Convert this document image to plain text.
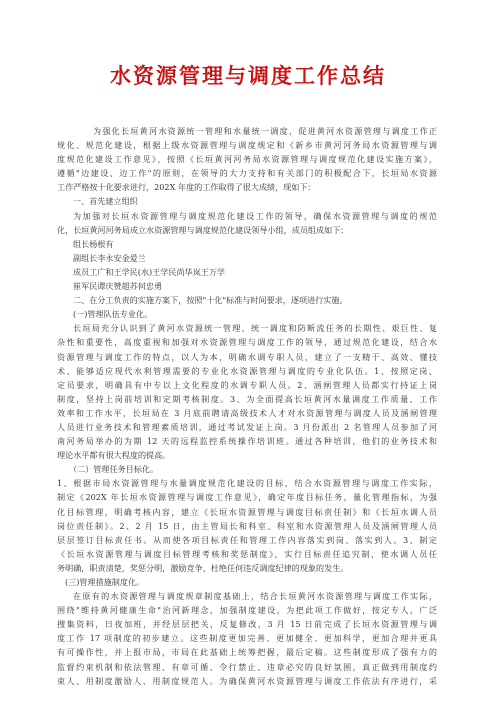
水资源管理与调度工作总结
为强化长垣黄河水资源统一管理和水量统一调度，促进黄河水资源管理与调度工作正
规化、规范化建设，根据上级水资源管理与调度规定和《新乡市黄河河务局水资源管理与调
度规范化建设工作意见》，按照《长垣黄河河务局水资源管理与调度规范化建设实施方案》，
遵循"边建设、边工作"的原则，在领导的大力支持和有关部门的积极配合下，长垣局水资源
工作严格按十化要求进行，202X 年度的工作取得了很大成绩，现如下：
一、首先建立组织
为加强对长垣水资源管理与调度规范化建设工作的领导，确保水资源管理与调度的规范
化，长垣黄河河务局成立水资源管理与调度规范化建设领导小组，成员组成如下：
组长杨根有
副组长李永安金爱兰
成员工广和王学民(水)王学民尚华岚王万学
崔军民谭庆赞超苏何忠勇
二、在分工负责的实施方案下，按照"十化"标准与时间要求，逐项进行实施。
(一)管理队伍专业化。
长垣局充分认识到了黄河水资源统一管理、统一调度和防断流任务的长期性、艰巨性、复
杂性和重要性，高度重视和加强对水资源管理与调度工作的领导，通过规范化建设，结合水
资源管理与调度工作的特点，以人为本，明确水调专职人员，建立了一支精干、高效、懂技
术、能够适应现代水利管理需要的专业化水资源管理与调度的专业化队伍。1、按照定岗、
定员要求，明确具有中专以上文化程度的水调专职人员。2、涵闸管理人员都实行持证上岗
制度，坚持上岗前培训和定期考核制度。3、为全面提高长垣黄河水量调度工作质量、工作
效率和工作水平，长垣局在 3 月底前聘请高级技术人才对水资源管理与调度人员及涵闸管理
人员进行业务技术和管理素质培训，通过考试发证上岗。3 月份派出 2 名管理人员参加了河
南河务局举办的为期 12 天的远程监控系统操作培训班。通过各种培训，他们的业务技术和
理论水平都有很大程度的提高。
（二）管理任务目标化。
1、根据市局水资源管理与水量调度规范化建设的目标，结合水资源管理与调度工作实际，
制定《202X 年长垣水资源管理与调度工作意见》，确定年度目标任务，量化管理指标，为强
化目标管理，明确考核内容，建立《长垣水资源管理与调度目标责任制》和《长垣水调人员
岗位责任制》。2、2 月 15 日，由主管局长和科室、科室和水资源管理人员及涵闸管理人员
层层签订目标责任书。从而使各项目标责任和管理工作内容落实到岗、落实到人。3、制定
《长垣水资源管理与调度目标管理考核和奖惩制度》，实行目标责任追究制，使水调人员任
务明确，职责清楚，奖惩分明，激励竞争，杜绝任何违反调度纪律的现象的发生。
(三)管理措施制度化。
在原有的水资源管理与调度规章制度基础上，结合长垣黄河水资源管理与调度工作实际，
围绕"维持黄河健康生命"治河新理念，加强制度建设，为把此项工作做好，按定专人，广泛
搜集资料，日夜加班，并经层层把关，反复修改，3 月 15 日前完成了长垣水资源管理与调
度工作 17 项制度的初步建立。这些制度更加完善、更加健全、更加科学，更加合理并更具
有可操作性，并上报市局，市局在此基础上统筹把握，最后定稿。这些制度形成了强有力的
监督约束机制和依法管理、有章可循、令行禁止、违章必究的良好氛围，真正做到用制度约
束人、用制度激励人、用制度规范人。为确保黄河水资源管理与调度工作依法有序进行，采
